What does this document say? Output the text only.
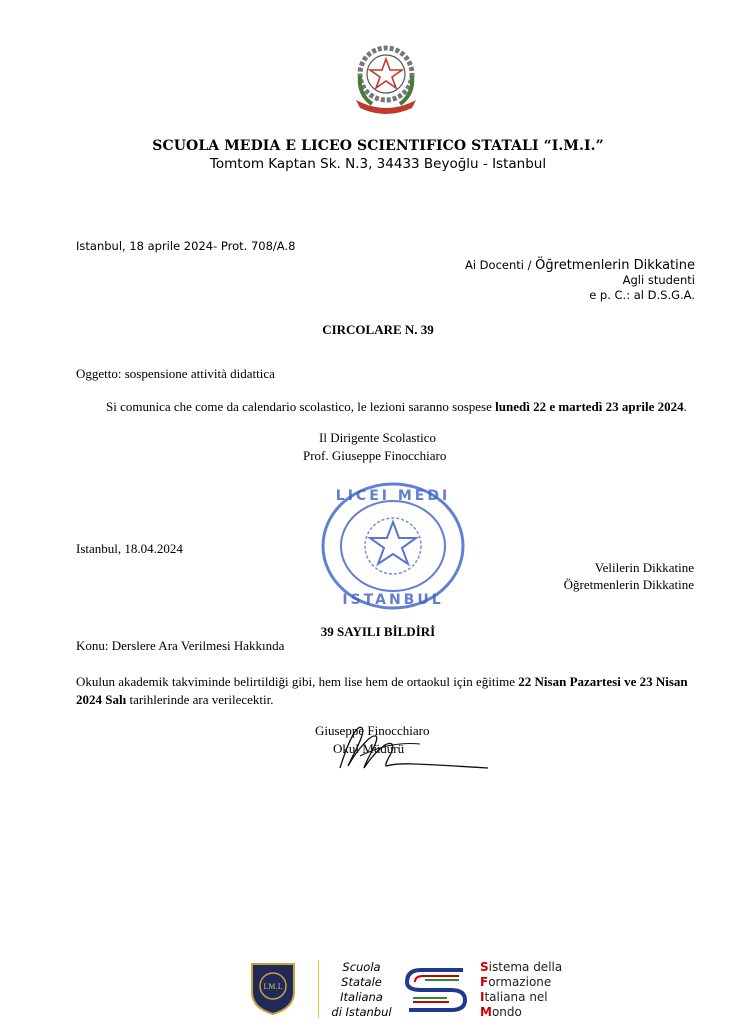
SCUOLA MEDIA E LICEO SCIENTIFICO STATALI “I.M.I.”
Tomtom Kaptan Sk. N.3, 34433 Beyoğlu - Istanbul
Istanbul, 18 aprile 2024- Prot. 708/A.8
Ai Docenti / Öğretmenlerin Dikkatine
Agli studenti
e p. C.: al D.S.G.A.
CIRCOLARE N. 39
Oggetto: sospensione attività didattica
Si comunica che come da calendario scolastico, le lezioni saranno sospese lunedì 22 e martedì 23 aprile 2024.
Il Dirigente Scolastico
Prof. Giuseppe Finocchiaro
LICEI MEDI
ISTANBUL
Istanbul, 18.04.2024
Velilerin Dikkatine
Öğretmenlerin Dikkatine
39 SAYILI BİLDİRİ
Konu: Derslere Ara Verilmesi Hakkında
Okulun akademik takviminde belirtildiği gibi, hem lise hem de ortaokul için eğitime 22 Nisan Pazartesi ve 23 Nisan 2024 Salı tarihlerinde ara verilecektir.
Giuseppe Finocchiaro
Okul Müdürü
I.M.I.
Scuola
Statale
Italiana
di Istanbul
Sistema della
Formazione
Italiana nel
Mondo
